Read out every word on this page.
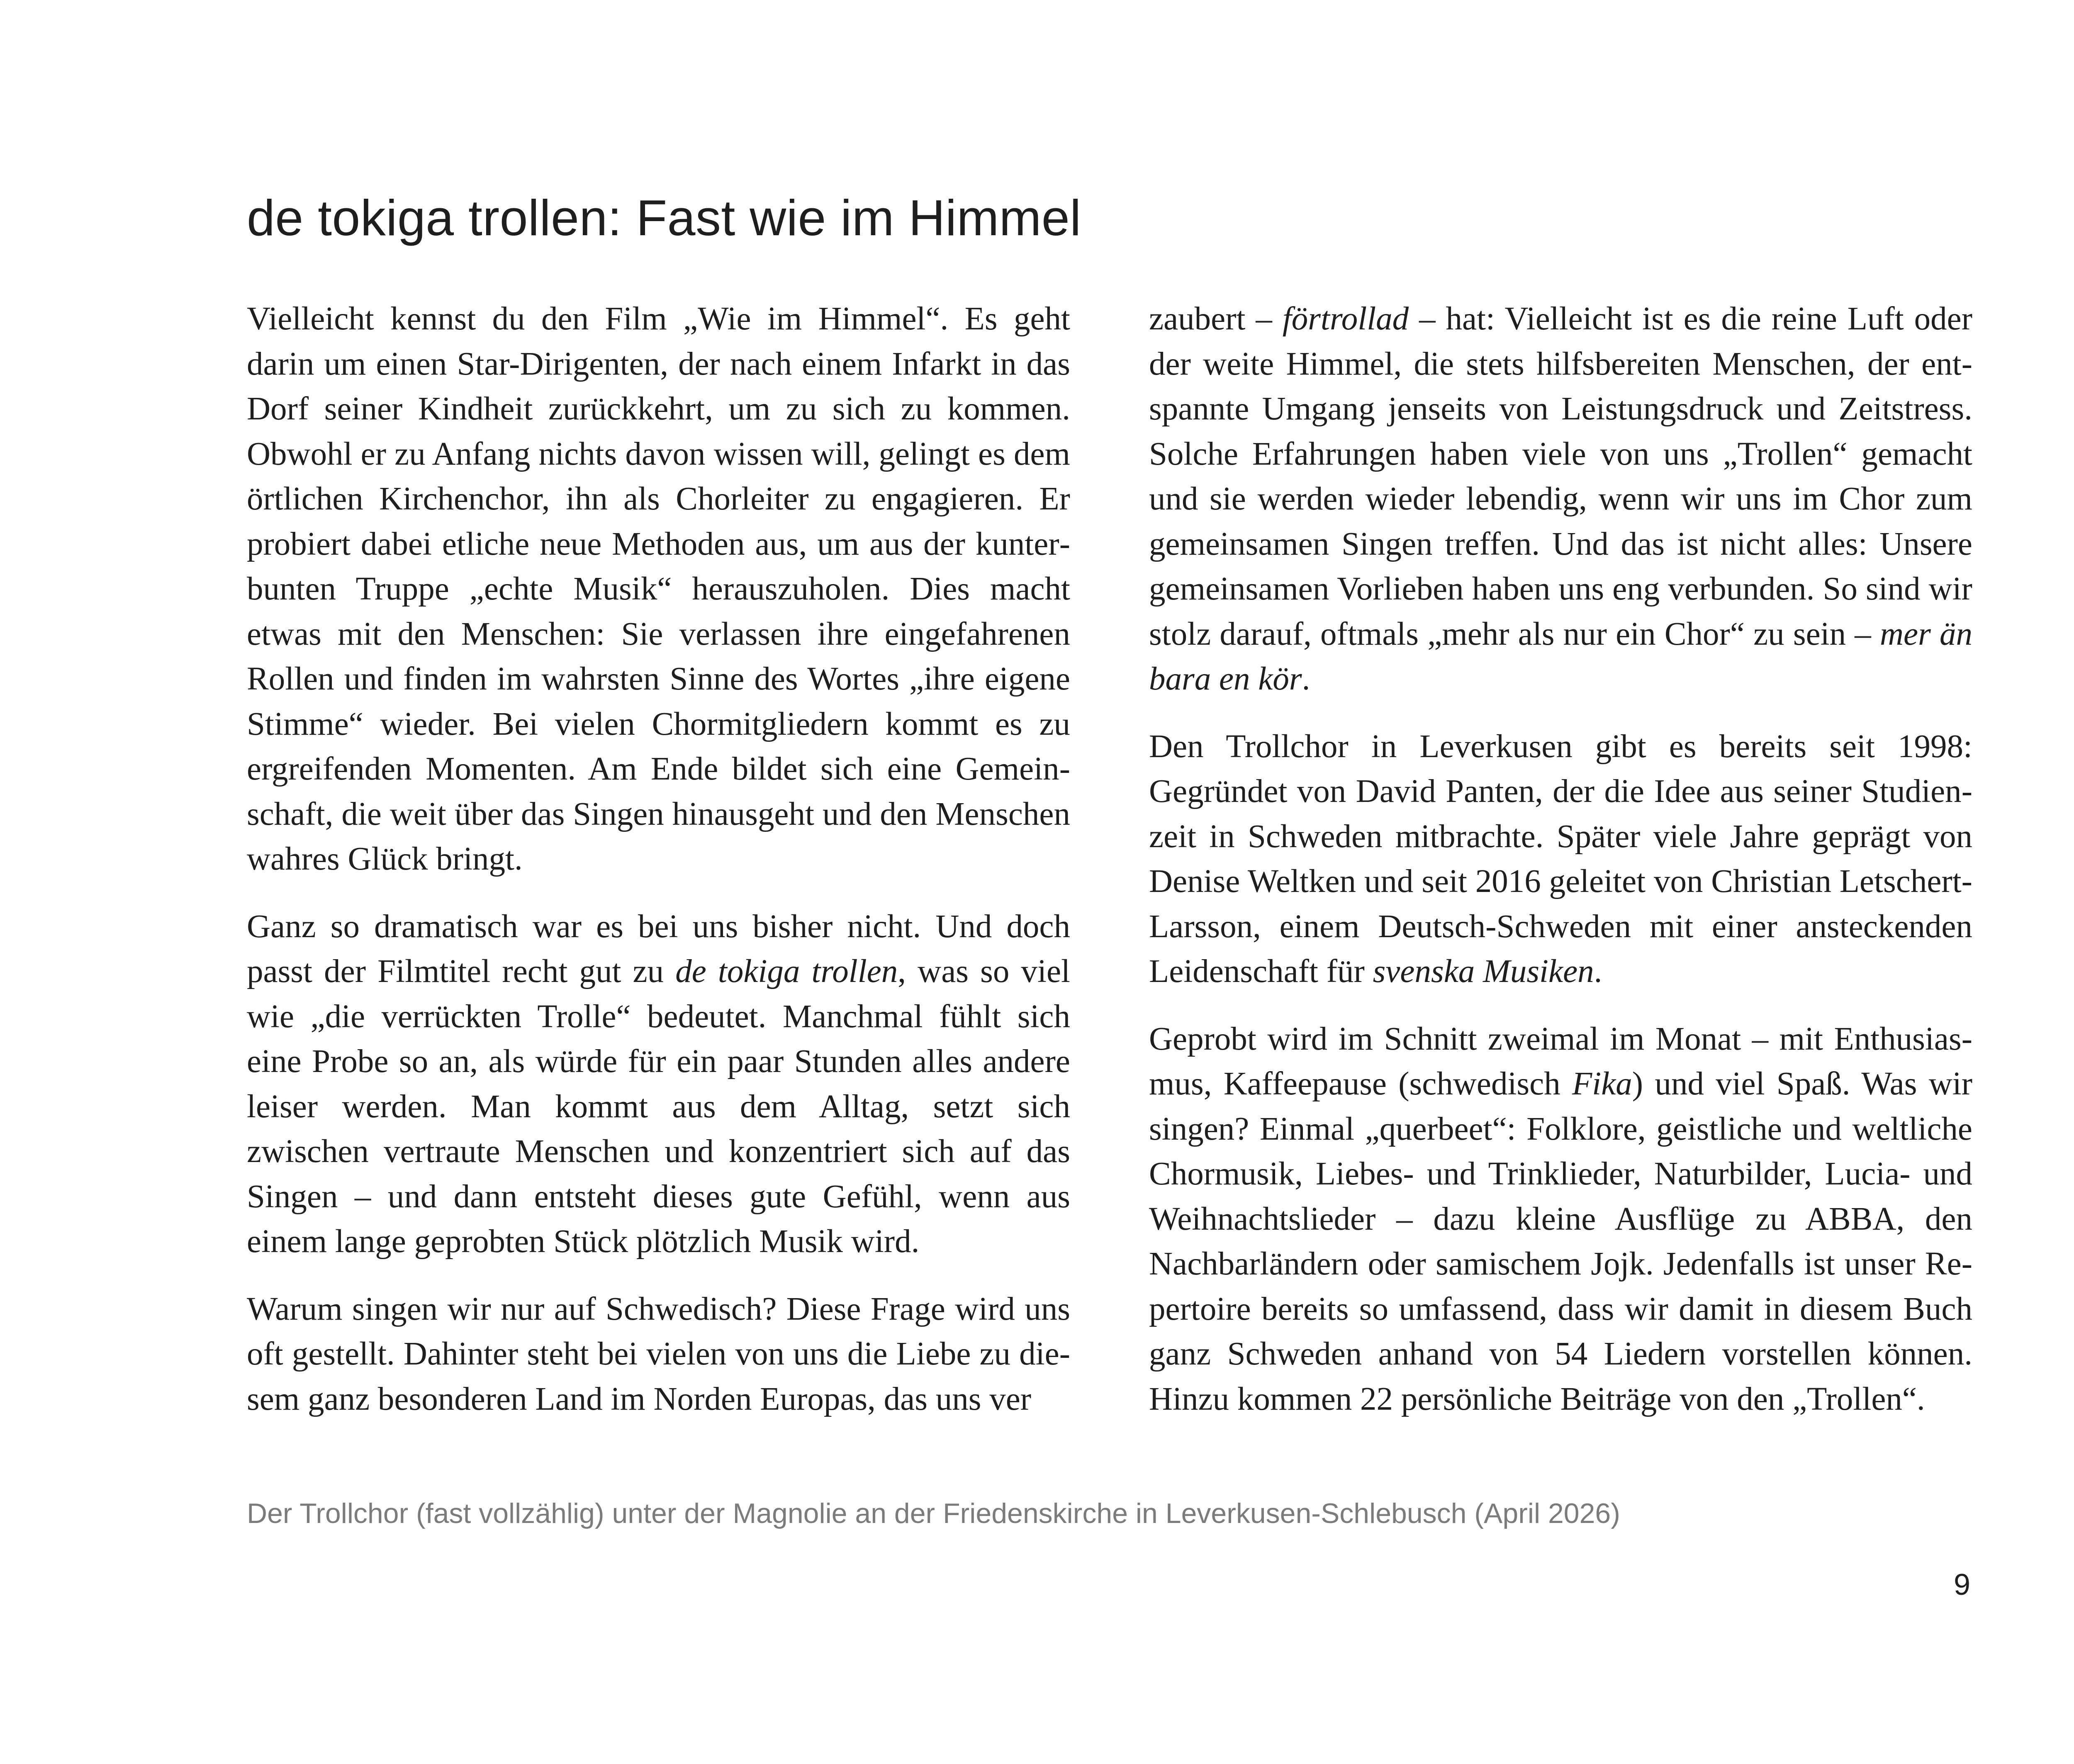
de tokiga trollen: Fast wie im Himmel

Vielleicht kennst du den Film „Wie im Himmel“. Es geht darin um einen Star-Dirigenten, der nach einem Infarkt in das Dorf seiner Kindheit zurückkehrt, um zu sich zu kommen. Obwohl er zu Anfang nichts davon wissen will, gelingt es dem örtlichen Kirchenchor, ihn als Chorleiter zu engagieren. Er probiert dabei etliche neue Methoden aus, um aus der kunterbunten Truppe „echte Musik“ herauszuholen. Dies macht etwas mit den Menschen: Sie verlassen ihre eingefahrenen Rollen und finden im wahrsten Sinne des Wortes „ihre eigene Stimme“ wieder. Bei vielen Chormitgliedern kommt es zu ergreifenden Momenten. Am Ende bildet sich eine Gemeinschaft, die weit über das Singen hinausgeht und den Menschen wahres Glück bringt.

Ganz so dramatisch war es bei uns bisher nicht. Und doch passt der Filmtitel recht gut zu de tokiga trollen, was so viel wie „die verrückten Trolle“ bedeutet. Manchmal fühlt sich eine Probe so an, als würde für ein paar Stunden alles andere leiser werden. Man kommt aus dem Alltag, setzt sich zwischen vertraute Menschen und konzentriert sich auf das Singen – und dann entsteht dieses gute Gefühl, wenn aus einem lange geprobten Stück plötzlich Musik wird.

Warum singen wir nur auf Schwedisch? Diese Frage wird uns oft gestellt. Dahinter steht bei vielen von uns die Liebe zu diesem ganz besonderen Land im Norden Europas, das uns ver

zaubert – förtrollad – hat: Vielleicht ist es die reine Luft oder der weite Himmel, die stets hilfsbereiten Menschen, der entspannte Umgang jenseits von Leistungsdruck und Zeitstress. Solche Erfahrungen haben viele von uns „Trollen“ gemacht und sie werden wieder lebendig, wenn wir uns im Chor zum gemeinsamen Singen treffen. Und das ist nicht alles: Unsere gemeinsamen Vorlieben haben uns eng verbunden. So sind wir stolz darauf, oftmals „mehr als nur ein Chor“ zu sein – mer än bara en kör.

Den Trollchor in Leverkusen gibt es bereits seit 1998: Gegründet von David Panten, der die Idee aus seiner Studienzeit in Schweden mitbrachte. Später viele Jahre geprägt von Denise Weltken und seit 2016 geleitet von Christian Letschert-Larsson, einem Deutsch-Schweden mit einer ansteckenden Leidenschaft für svenska Musiken.

Geprobt wird im Schnitt zweimal im Monat – mit Enthusiasmus, Kaffeepause (schwedisch Fika) und viel Spaß. Was wir singen? Einmal „querbeet“: Folklore, geistliche und weltliche Chormusik, Liebes- und Trinklieder, Naturbilder, Lucia- und Weihnachtslieder – dazu kleine Ausflüge zu ABBA, den Nachbarländern oder samischem Jojk. Jedenfalls ist unser Repertoire bereits so umfassend, dass wir damit in diesem Buch ganz Schweden anhand von 54 Liedern vorstellen können. Hinzu kommen 22 persönliche Beiträge von den „Trollen“.

Der Trollchor (fast vollzählig) unter der Magnolie an der Friedenskirche in Leverkusen-Schlebusch (April 2026)

9
